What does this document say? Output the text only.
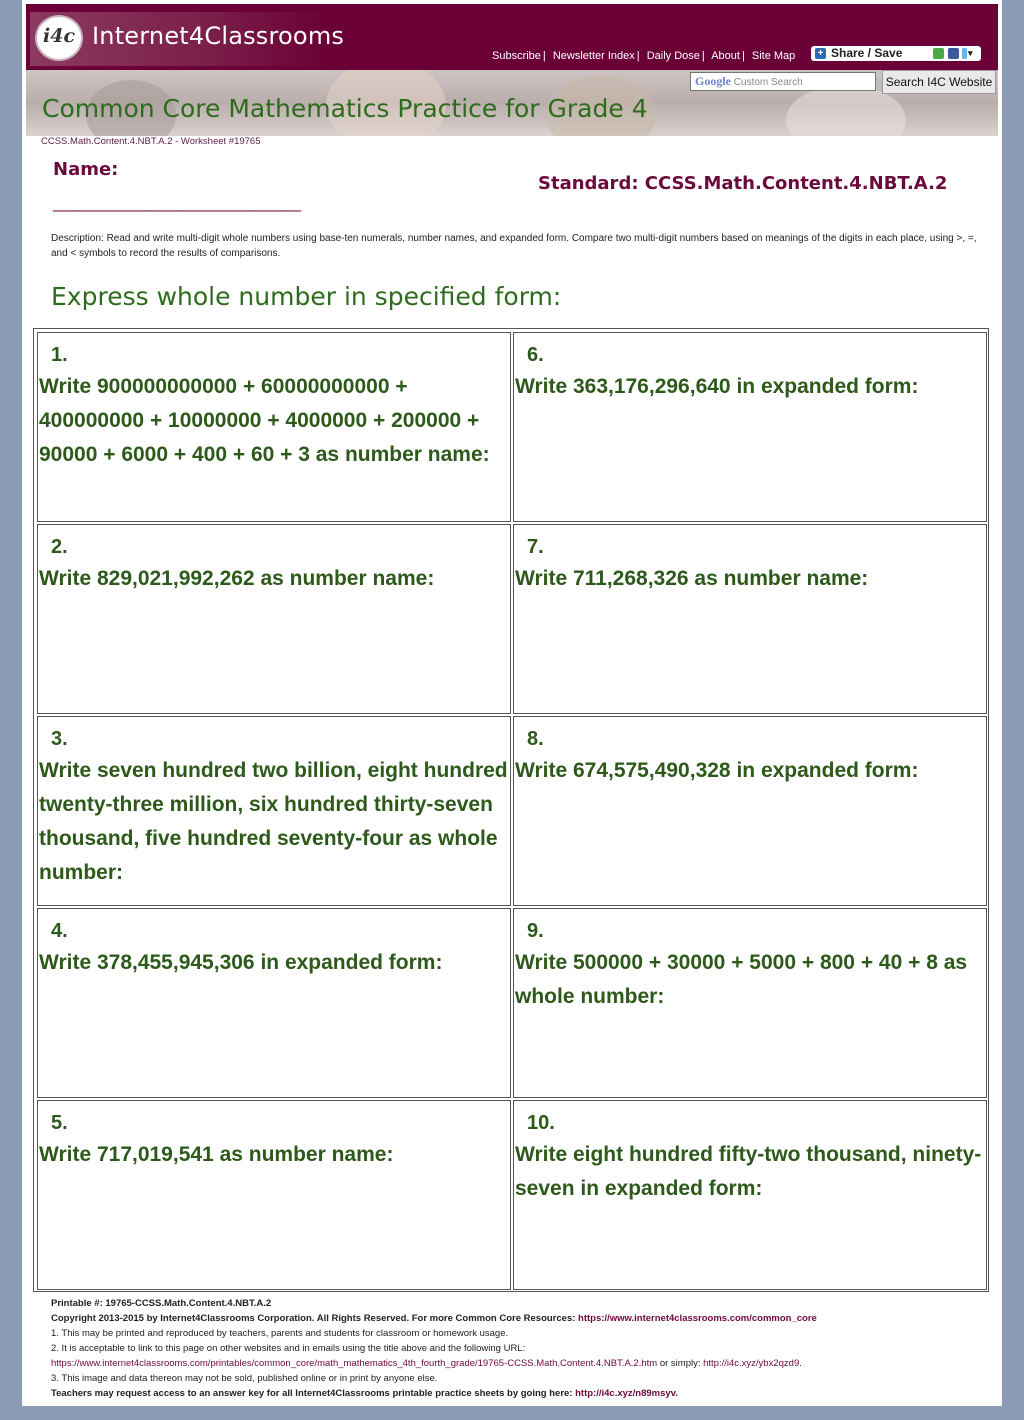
i4c Internet4Classrooms
Subscribe | Newsletter Index | Daily Dose | About | Site Map + Share / Save	▾
Google Custom Search	Search I4C Website
Common Core Mathematics Practice for Grade 4
CCSS.Math.Content.4.NBT.A.2 - Worksheet #19765
Name:
______________________________________
Standard: CCSS.Math.Content.4.NBT.A.2
Description: Read and write multi-digit whole numbers using base-ten numerals, number names, and expanded form. Compare two multi-digit numbers based on meanings of the digits in each place, using >, =, and < symbols to record the results of comparisons.
Express whole number in specified form:
1.
Write 900000000000 + 60000000000 + 400000000 + 10000000 + 4000000 + 200000 + 90000 + 6000 + 400 + 60 + 3 as number name:
6.
Write 363,176,296,640 in expanded form:
2.
Write 829,021,992,262 as number name:
7.
Write 711,268,326 as number name:
3.
Write seven hundred two billion, eight hundred twenty-three million, six hundred thirty-seven thousand, five hundred seventy-four as whole number:
8.
Write 674,575,490,328 in expanded form:
4.
Write 378,455,945,306 in expanded form:
9.
Write 500000 + 30000 + 5000 + 800 + 40 + 8 as whole number:
5.
Write 717,019,541 as number name:
10.
Write eight hundred fifty-two thousand, ninety-seven in expanded form:
Printable #: 19765-CCSS.Math.Content.4.NBT.A.2
Copyright 2013-2015 by Internet4Classrooms Corporation. All Rights Reserved. For more Common Core Resources: https://www.internet4classrooms.com/common_core
1. This may be printed and reproduced by teachers, parents and students for classroom or homework usage.
2. It is acceptable to link to this page on other websites and in emails using the title above and the following URL:
https://www.internet4classrooms.com/printables/common_core/math_mathematics_4th_fourth_grade/19765-CCSS.Math.Content.4.NBT.A.2.htm or simply: http://i4c.xyz/ybx2qzd9.
3. This image and data thereon may not be sold, published online or in print by anyone else.
Teachers may request access to an answer key for all Internet4Classrooms printable practice sheets by going here: http://i4c.xyz/n89msyv.
